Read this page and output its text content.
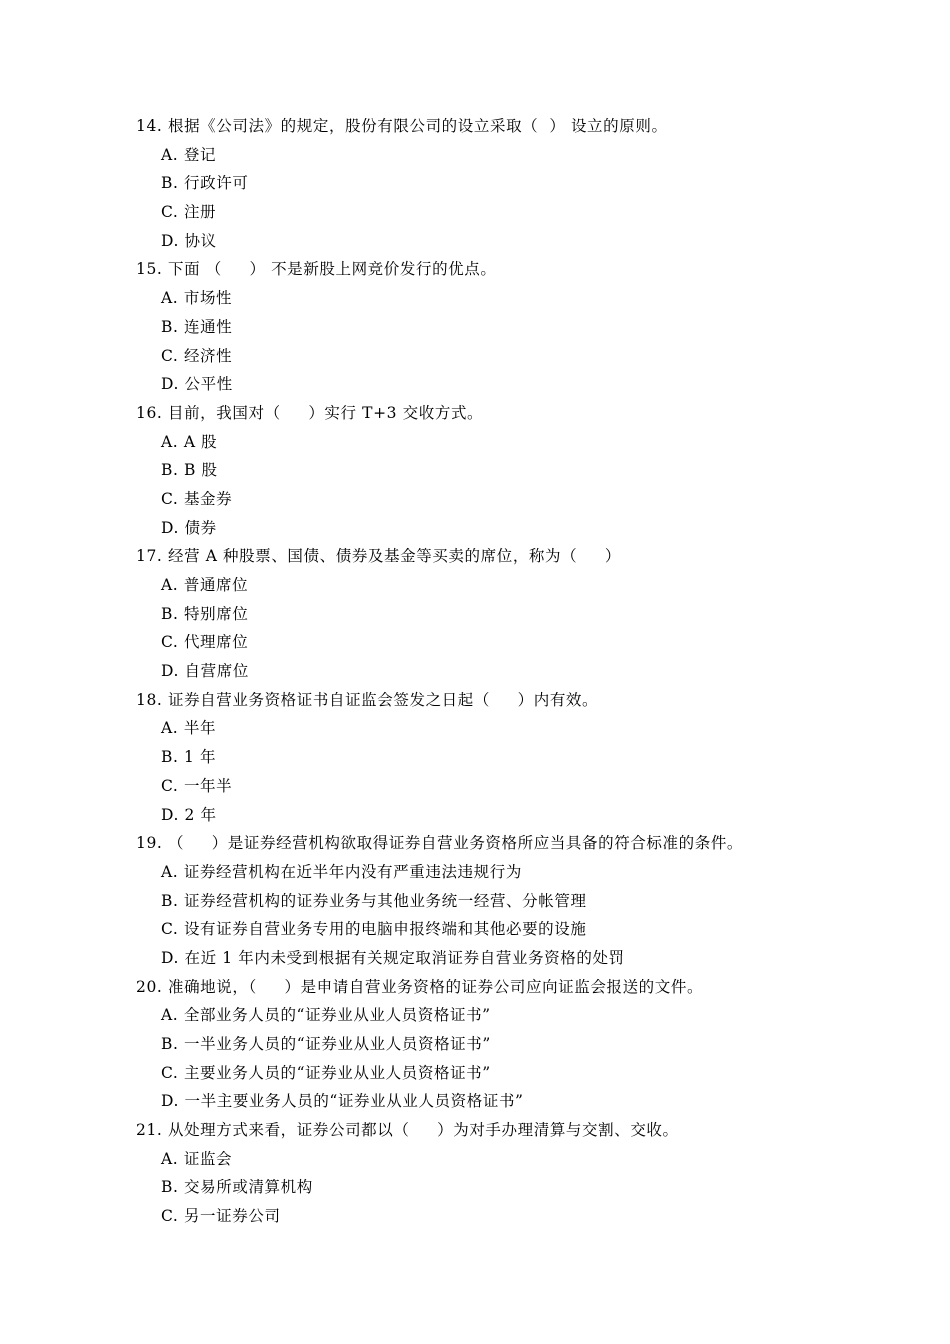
14. 根据《公司法》的规定，股份有限公司的设立采取（  ） 设立的原则。
A. 登记
B. 行政许可
C. 注册
D. 协议
15. 下面 （     ） 不是新股上网竞价发行的优点。
A. 市场性
B. 连通性
C. 经济性
D. 公平性
16. 目前，我国对（     ）实行 T+3 交收方式。
A. A 股
B. B 股
C. 基金券
D. 债券
17. 经营 A 种股票、国债、债券及基金等买卖的席位，称为（     ）
A. 普通席位
B. 特别席位
C. 代理席位
D. 自营席位
18. 证券自营业务资格证书自证监会签发之日起（     ）内有效。
A. 半年
B. 1 年
C. 一年半
D. 2 年
19. （     ）是证券经营机构欲取得证券自营业务资格所应当具备的符合标准的条件。
A. 证券经营机构在近半年内没有严重违法违规行为
B. 证券经营机构的证券业务与其他业务统一经营、分帐管理
C. 设有证券自营业务专用的电脑申报终端和其他必要的设施
D. 在近 1 年内未受到根据有关规定取消证券自营业务资格的处罚
20. 准确地说，（     ）是申请自营业务资格的证券公司应向证监会报送的文件。
A. 全部业务人员的“证券业从业人员资格证书”
B. 一半业务人员的“证券业从业人员资格证书”
C. 主要业务人员的“证券业从业人员资格证书”
D. 一半主要业务人员的“证券业从业人员资格证书”
21. 从处理方式来看，证券公司都以（     ）为对手办理清算与交割、交收。
A. 证监会
B. 交易所或清算机构
C. 另一证券公司
